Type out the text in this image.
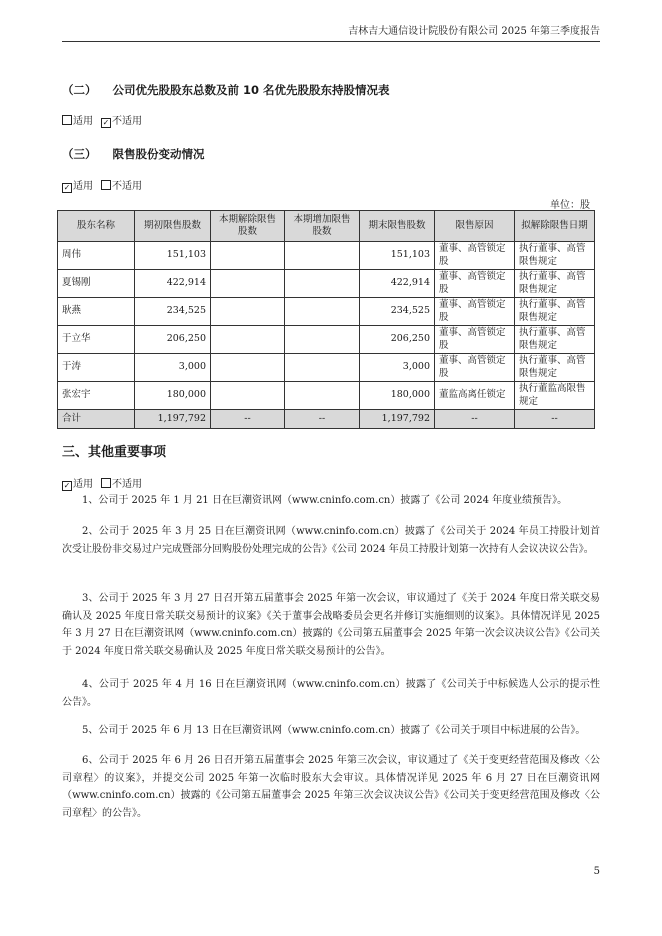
吉林吉大通信设计院股份有限公司 2025 年第三季度报告
（二） 公司优先股股东总数及前 10 名优先股股东持股情况表
适用 ✓ 不适用
（三） 限售股份变动情况
✓ 适用 不适用
单位：股
股东名称	期初限售股数	本期解除限售股数	本期增加限售股数	期末限售股数	限售原因	拟解除限售日期
周伟	151,103			151,103	董事、高管锁定股	执行董事、高管限售规定
夏锡刚	422,914			422,914	董事、高管锁定股	执行董事、高管限售规定
耿燕	234,525			234,525	董事、高管锁定股	执行董事、高管限售规定
于立华	206,250			206,250	董事、高管锁定股	执行董事、高管限售规定
于涛	3,000			3,000	董事、高管锁定股	执行董事、高管限售规定
张宏宇	180,000			180,000	董监高离任锁定	执行董监高限售规定
合计	1,197,792	--	--	1,197,792	--	--
三、其他重要事项
✓ 适用 不适用
1、公司于 2025 年 1 月 21 日在巨潮资讯网（www.cninfo.com.cn）披露了《公司 2024 年度业绩预告》。
2、公司于 2025 年 3 月 25 日在巨潮资讯网（www.cninfo.com.cn）披露了《公司关于 2024 年员工持股计划首次受让股份非交易过户完成暨部分回购股份处理完成的公告》《公司 2024 年员工持股计划第一次持有人会议决议公告》。
3、公司于 2025 年 3 月 27 日召开第五届董事会 2025 年第一次会议，审议通过了《关于 2024 年度日常关联交易确认及 2025 年度日常关联交易预计的议案》《关于董事会战略委员会更名并修订实施细则的议案》。具体情况详见 2025 年 3 月 27 日在巨潮资讯网（www.cninfo.com.cn）披露的《公司第五届董事会 2025 年第一次会议决议公告》《公司关于 2024 年度日常关联交易确认及 2025 年度日常关联交易预计的公告》。
4、公司于 2025 年 4 月 16 日在巨潮资讯网（www.cninfo.com.cn）披露了《公司关于中标候选人公示的提示性公告》。
5、公司于 2025 年 6 月 13 日在巨潮资讯网（www.cninfo.com.cn）披露了《公司关于项目中标进展的公告》。
6、公司于 2025 年 6 月 26 日召开第五届董事会 2025 年第三次会议，审议通过了《关于变更经营范围及修改〈公司章程〉的议案》，并提交公司 2025 年第一次临时股东大会审议。具体情况详见 2025 年 6 月 27 日在巨潮资讯网（www.cninfo.com.cn）披露的《公司第五届董事会 2025 年第三次会议决议公告》《公司关于变更经营范围及修改〈公司章程〉的公告》。
5
